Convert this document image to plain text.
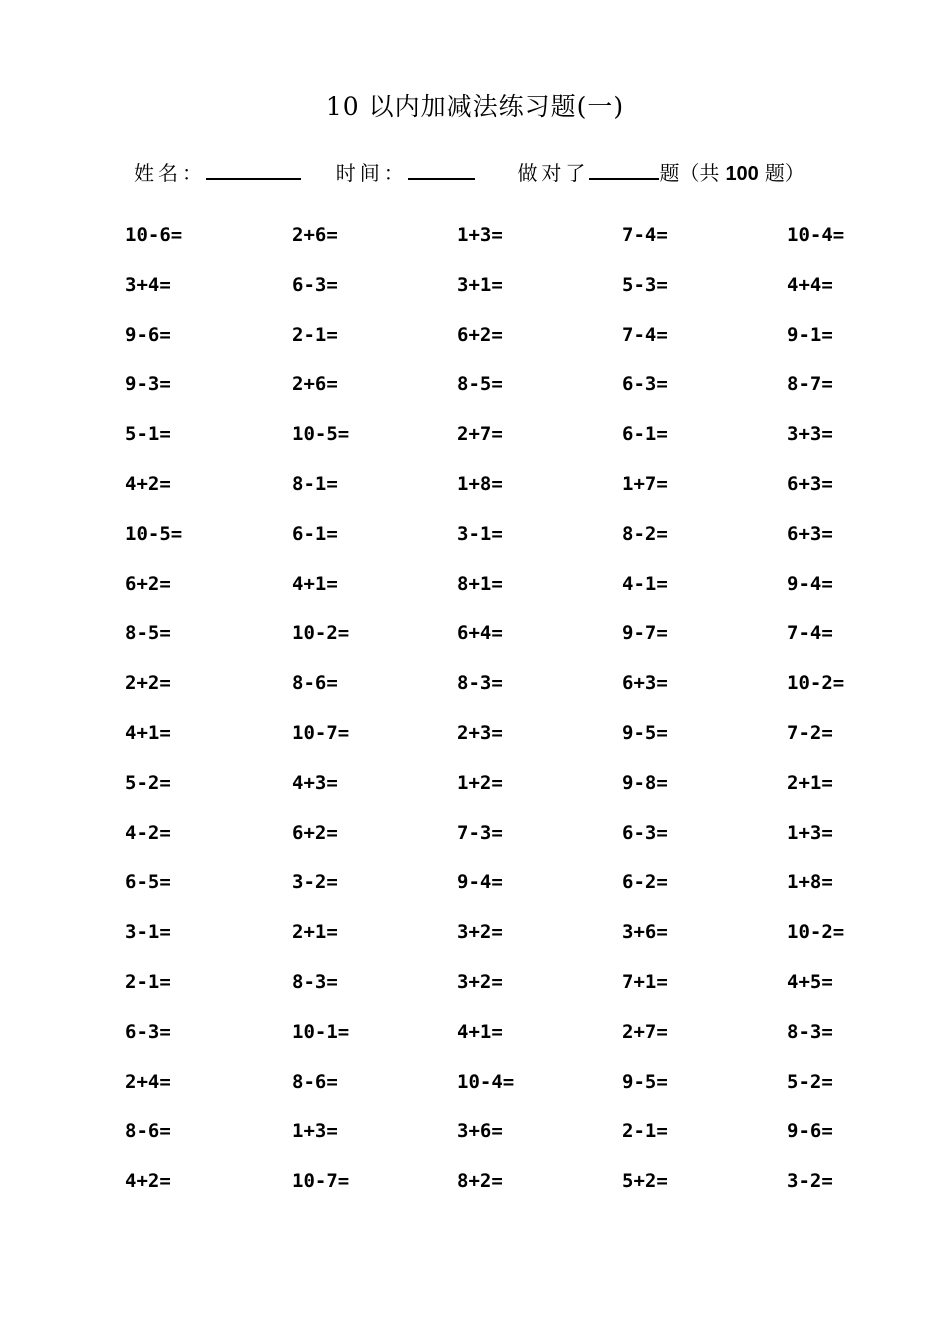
10 以内加减法练习题(一)
姓名：	时间：	做对了	题（共 100 题）
10-6=	2+6=	1+3=	7-4=	10-4=
3+4=	6-3=	3+1=	5-3=	4+4=
9-6=	2-1=	6+2=	7-4=	9-1=
9-3=	2+6=	8-5=	6-3=	8-7=
5-1=	10-5=	2+7=	6-1=	3+3=
4+2=	8-1=	1+8=	1+7=	6+3=
10-5=	6-1=	3-1=	8-2=	6+3=
6+2=	4+1=	8+1=	4-1=	9-4=
8-5=	10-2=	6+4=	9-7=	7-4=
2+2=	8-6=	8-3=	6+3=	10-2=
4+1=	10-7=	2+3=	9-5=	7-2=
5-2=	4+3=	1+2=	9-8=	2+1=
4-2=	6+2=	7-3=	6-3=	1+3=
6-5=	3-2=	9-4=	6-2=	1+8=
3-1=	2+1=	3+2=	3+6=	10-2=
2-1=	8-3=	3+2=	7+1=	4+5=
6-3=	10-1=	4+1=	2+7=	8-3=
2+4=	8-6=	10-4=	9-5=	5-2=
8-6=	1+3=	3+6=	2-1=	9-6=
4+2=	10-7=	8+2=	5+2=	3-2=
